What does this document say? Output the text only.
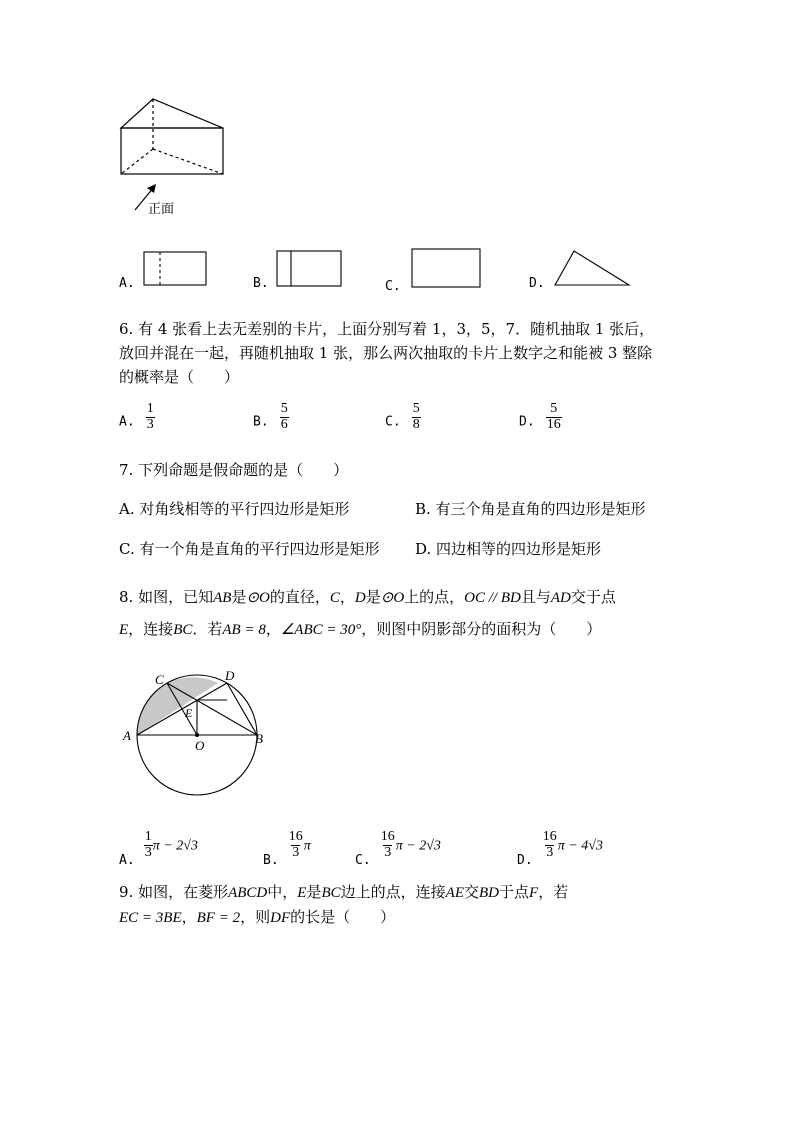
正面
A.	B.	C.	D.
6. 有 4 张看上去无差别的卡片，上面分别写着 1，3，5，7．随机抽取 1 张后，
放回并混在一起，再随机抽取 1 张，那么两次抽取的卡片上数字之和能被 3 整除
的概率是（　　）
A. $\frac{1}{3}$	B. $\frac{5}{6}$	C. $\frac{5}{8}$	D. $\frac{5}{16}$
7. 下列命题是假命题的是（　　）
A. 对角线相等的平行四边形是矩形	B. 有三个角是直角的四边形是矩形
C. 有一个角是直角的平行四边形是矩形 D. 四边相等的四边形是矩形
8. 如图，已知AB是⊙O的直径，C，D是⊙O上的点，OC // BD且与AD交于点
E，连接BC．若AB = 8，∠ABC = 30°，则图中阴影部分的面积为（　　）
C	D
A	B
E
O
$_{A.} \frac{1}{3}$ π − 2√3
$_{B.} \frac{16}{3}$ π
$_{C.} \frac{16}{3}$ π − 2√3
$_{D.} \frac{16}{3}$ π − 4√3
9. 如图，在菱形ABCD中，E是BC边上的点，连接AE交BD于点F，若
EC = 3BE，BF = 2，则DF的长是（　　）
